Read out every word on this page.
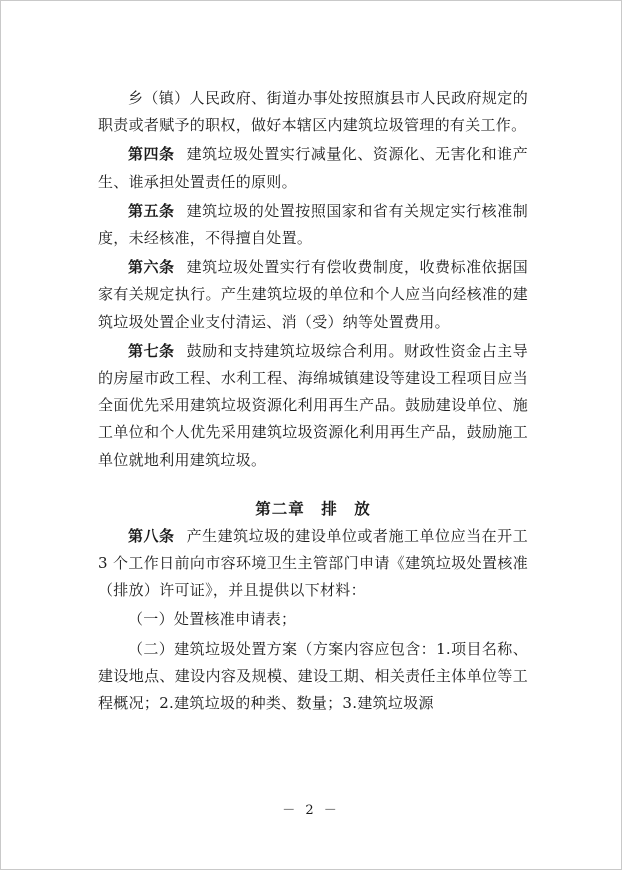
乡（镇）人民政府、街道办事处按照旗县市人民政府规定的职责或者赋予的职权，做好本辖区内建筑垃圾管理的有关工作。

第四条 建筑垃圾处置实行减量化、资源化、无害化和谁产生、谁承担处置责任的原则。

第五条 建筑垃圾的处置按照国家和省有关规定实行核准制度，未经核准，不得擅自处置。

第六条 建筑垃圾处置实行有偿收费制度，收费标准依据国家有关规定执行。产生建筑垃圾的单位和个人应当向经核准的建筑垃圾处置企业支付清运、消（受）纳等处置费用。

第七条 鼓励和支持建筑垃圾综合利用。财政性资金占主导的房屋市政工程、水利工程、海绵城镇建设等建设工程项目应当全面优先采用建筑垃圾资源化利用再生产品。鼓励建设单位、施工单位和个人优先采用建筑垃圾资源化利用再生产品，鼓励施工单位就地利用建筑垃圾。

第二章　排　放

第八条 产生建筑垃圾的建设单位或者施工单位应当在开工 3 个工作日前向市容环境卫生主管部门申请《建筑垃圾处置核准（排放）许可证》，并且提供以下材料：

（一）处置核准申请表；

（二）建筑垃圾处置方案（方案内容应包含：1.项目名称、建设地点、建设内容及规模、建设工期、相关责任主体单位等工程概况；2.建筑垃圾的种类、数量；3.建筑垃圾源

－ 2 －
